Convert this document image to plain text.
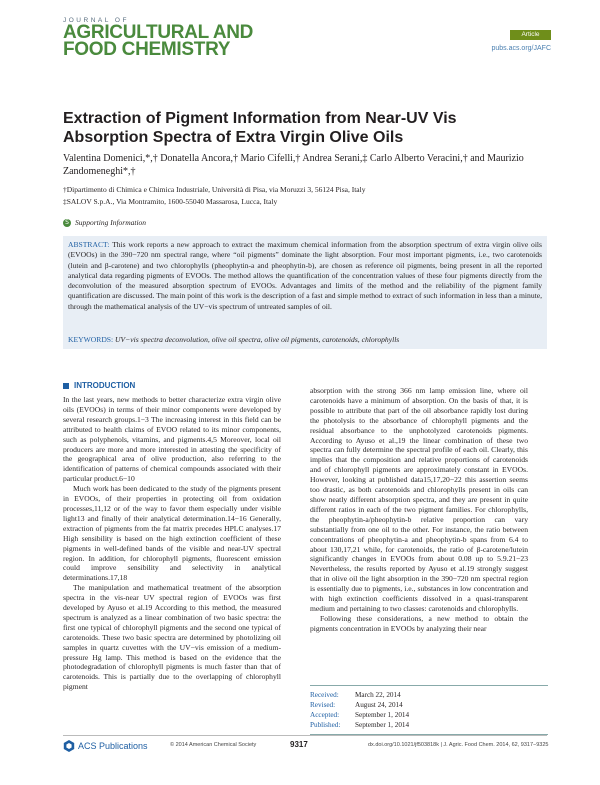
JOURNAL OF
AGRICULTURAL AND
FOOD CHEMISTRY
Article
pubs.acs.org/JAFC
Extraction of Pigment Information from Near-UV Vis Absorption Spectra of Extra Virgin Olive Oils
Valentina Domenici,*,† Donatella Ancora,† Mario Cifelli,† Andrea Serani,‡ Carlo Alberto Veracini,† and Maurizio Zandomeneghi*,†
†Dipartimento di Chimica e Chimica Industriale, Università di Pisa, via Moruzzi 3, 56124 Pisa, Italy
‡SALOV S.p.A., Via Montramito, 1600-55040 Massarosa, Lucca, Italy
S Supporting Information
ABSTRACT: This work reports a new approach to extract the maximum chemical information from the absorption spectrum of extra virgin olive oils (EVOOs) in the 390−720 nm spectral range, where “oil pigments” dominate the light absorption. Four most important pigments, i.e., two carotenoids (lutein and β-carotene) and two chlorophylls (pheophytin-a and pheophytin-b), are chosen as reference oil pigments, being present in all the reported analytical data regarding pigments of EVOOs. The method allows the quantification of the concentration values of these four pigments directly from the deconvolution of the measured absorption spectrum of EVOOs. Advantages and limits of the method and the reliability of the pigment family quantification are discussed. The main point of this work is the description of a fast and simple method to extract of such information in less than a minute, through the mathematical analysis of the UV−vis spectrum of untreated samples of oil.
KEYWORDS: UV−vis spectra deconvolution, olive oil spectra, olive oil pigments, carotenoids, chlorophylls
INTRODUCTION

In the last years, new methods to better characterize extra virgin olive oils (EVOOs) in terms of their minor components were developed by several research groups.1−3 The increasing interest in this field can be attributed to health claims of EVOO related to its minor components, such as polyphenols, vitamins, and pigments.4,5 Moreover, local oil producers are more and more interested in attesting the specificity of the geographical area of olive production, also referring to the identification of patterns of chemical compounds associated with their particular product.6−10

Much work has been dedicated to the study of the pigments present in EVOOs, of their properties in protecting oil from oxidation processes,11,12 or of the way to favor them especially under visible light13 and finally of their analytical determination.14−16 Generally, extraction of pigments from the fat matrix precedes HPLC analyses.17 High sensibility is based on the high extinction coefficient of these pigments in well-defined bands of the visible and near-UV spectral region. In addition, for chlorophyll pigments, fluorescent emission could improve sensibility and selectivity in analytical determinations.17,18

The manipulation and mathematical treatment of the absorption spectra in the vis-near UV spectral region of EVOOs was first developed by Ayuso et al.19 According to this method, the measured spectrum is analyzed as a linear combination of two basic spectra: the first one typical of chlorophyll pigments and the second one typical of carotenoids. These two basic spectra are determined by photolizing oil samples in quartz cuvettes with the UV−vis emission of a medium-pressure Hg lamp. This method is based on the evidence that the photodegradation of chlorophyll pigments is much faster than that of carotenoids. This is partially due to the overlapping of chlorophyll pigment

absorption with the strong 366 nm lamp emission line, where oil carotenoids have a minimum of absorption. On the basis of that, it is possible to attribute that part of the oil absorbance rapidly lost during the photolysis to the absorbance of chlorophyll pigments and the residual absorbance to the unphotolyzed carotenoids pigments. According to Ayuso et al.,19 the linear combination of these two spectra can fully determine the spectral profile of each oil. Clearly, this implies that the composition and relative proportions of carotenoids and of chlorophyll pigments are approximately constant in EVOOs. However, looking at published data15,17,20−22 this assertion seems too drastic, as both carotenoids and chlorophylls present in oils can show neatly different absorption spectra, and they are present in quite different ratios in each of the two pigment families. For chlorophylls, the pheophytin-a/pheophytin-b relative proportion can vary substantially from one oil to the other. For instance, the ratio between concentrations of pheophytin-a and pheophytin-b spans from 6.4 to about 130,17,21 while, for carotenoids, the ratio of β-carotene/lutein significantly changes in EVOOs from about 0.08 up to 5.9.21−23 Nevertheless, the results reported by Ayuso et al.19 strongly suggest that in olive oil the light absorption in the 390−720 nm spectral region is essentially due to pigments, i.e., substances in low concentration and with high extinction coefficients dissolved in a quasi-transparent medium and pertaining to two classes: carotenoids and chlorophylls.

Following these considerations, a new method to obtain the pigments concentration in EVOOs by analyzing their near

Received:	March 22, 2014
Revised:	August 24, 2014
Accepted:	September 1, 2014
Published:	September 1, 2014
ACS Publications	© 2014 American Chemical Society	9317	dx.doi.org/10.1021/jf503818k | J. Agric. Food Chem. 2014, 62, 9317−9325
